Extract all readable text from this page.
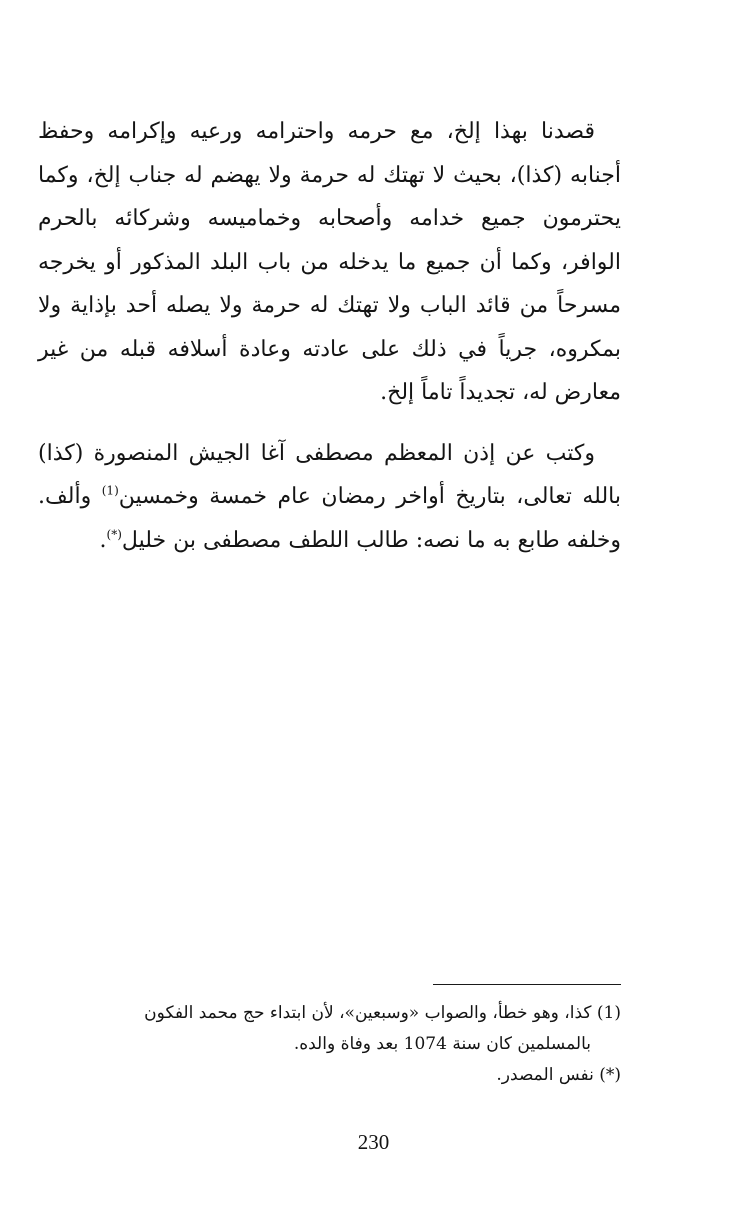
قصدنا بهذا إلخ، مع حرمه واحترامه ورعيه وإكرامه وحفظ أجنابه (كذا)، بحيث لا تهتك له حرمة ولا يهضم له جناب إلخ، وكما يحترمون جميع خدامه وأصحابه وخماميسه وشركائه بالحرم الوافر، وكما أن جميع ما يدخله من باب البلد المذكور أو يخرجه مسرحاً من قائد الباب ولا تهتك له حرمة ولا يصله أحد بإذاية ولا بمكروه، جرياً في ذلك على عادته وعادة أسلافه قبله من غير معارض له، تجديداً تاماً إلخ.

وكتب عن إذن المعظم مصطفى آغا الجيش المنصورة (كذا) بالله تعالى، بتاريخ أواخر رمضان عام خمسة وخمسين$^{(1)}$ وألف. وخلفه طابع به ما نصه: طالب اللطف مصطفى بن خليل(*).

(1) كذا، وهو خطأ، والصواب «وسبعين»، لأن ابتداء حج محمد الفكون
بالمسلمين كان سنة 1074 بعد وفاة والده.

(*) نفس المصدر.

230
